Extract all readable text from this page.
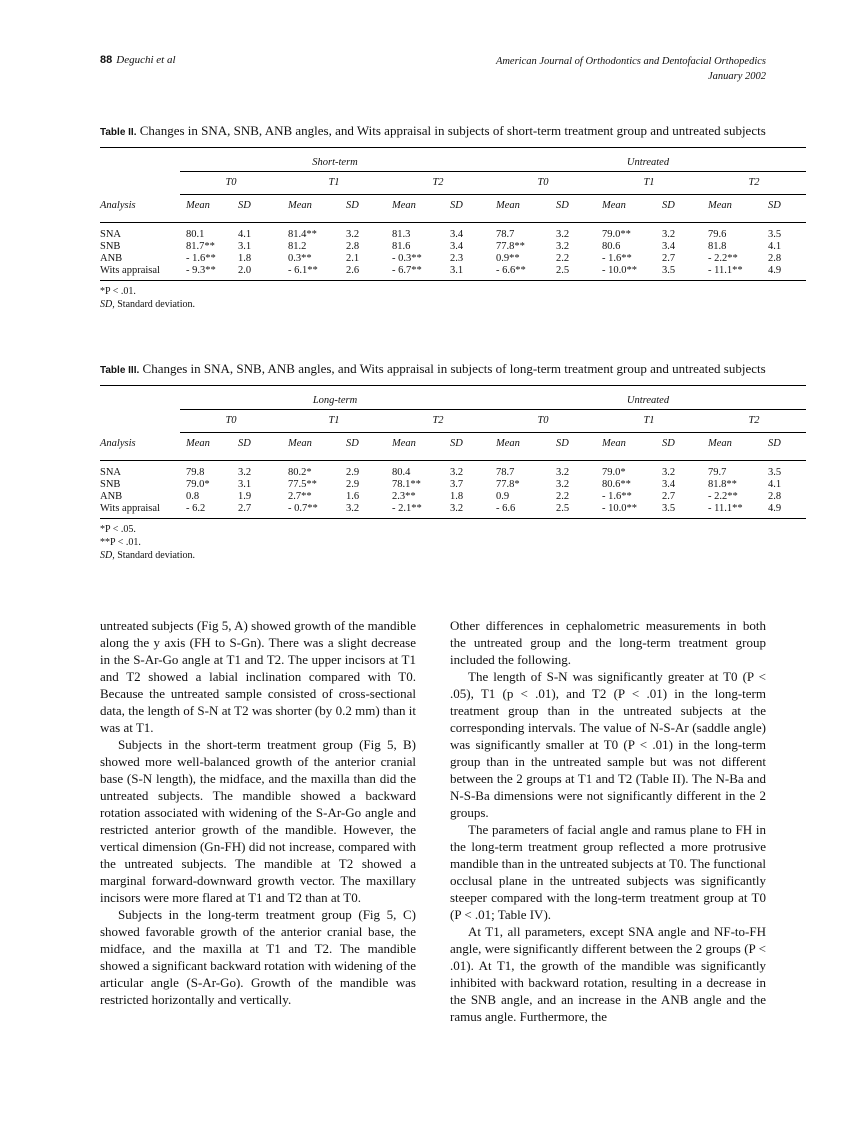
88 Deguchi et al	American Journal of Orthodontics and Dentofacial Orthopedics
January 2002
Table II. Changes in SNA, SNB, ANB angles, and Wits appraisal in subjects of short-term treatment group and untreated subjects

	Short-term						Untreated					
	T0		T1		T2		T0		T1		T2	
Analysis	Mean	SD	Mean	SD	Mean	SD	Mean	SD	Mean	SD	Mean	SD

SNA	80.1	4.1	81.4**	3.2	81.3	3.4	78.7	3.2	79.0**	3.2	79.6	3.5
SNB	81.7**	3.1	81.2	2.8	81.6	3.4	77.8**	3.2	80.6	3.4	81.8	4.1
ANB	- 1.6**	1.8	0.3**	2.1	- 0.3**	2.3	0.9**	2.2	- 1.6**	2.7	- 2.2**	2.8
Wits appraisal	- 9.3**	2.0	- 6.1**	2.6	- 6.7**	3.1	- 6.6**	2.5	- 10.0**	3.5	- 11.1**	4.9
*P < .01.
SD, Standard deviation.
Table III. Changes in SNA, SNB, ANB angles, and Wits appraisal in subjects of long-term treatment group and untreated subjects

	Long-term						Untreated					
	T0		T1		T2		T0		T1		T2	
Analysis	Mean	SD	Mean	SD	Mean	SD	Mean	SD	Mean	SD	Mean	SD

SNA	79.8	3.2	80.2*	2.9	80.4	3.2	78.7	3.2	79.0*	3.2	79.7	3.5
SNB	79.0*	3.1	77.5**	2.9	78.1**	3.7	77.8*	3.2	80.6**	3.4	81.8**	4.1
ANB	0.8	1.9	2.7**	1.6	2.3**	1.8	0.9	2.2	- 1.6**	2.7	- 2.2**	2.8
Wits appraisal	- 6.2	2.7	- 0.7**	3.2	- 2.1**	3.2	- 6.6	2.5	- 10.0**	3.5	- 11.1**	4.9
*P < .05.
**P < .01.
SD, Standard deviation.

untreated subjects (Fig 5, A) showed growth of the mandible along the y axis (FH to S-Gn). There was a slight decrease in the S-Ar-Go angle at T1 and T2. The upper incisors at T1 and T2 showed a labial inclination compared with T0. Because the untreated sample consisted of cross-sectional data, the length of S-N at T2 was shorter (by 0.2 mm) than it was at T1.

Subjects in the short-term treatment group (Fig 5, B) showed more well-balanced growth of the anterior cranial base (S-N length), the midface, and the maxilla than did the untreated subjects. The mandible showed a backward rotation associated with widening of the S-Ar-Go angle and restricted anterior growth of the mandible. However, the vertical dimension (Gn-FH) did not increase, compared with the untreated subjects. The mandible at T2 showed a marginal forward-downward growth vector. The maxillary incisors were more flared at T1 and T2 than at T0.

Subjects in the long-term treatment group (Fig 5, C) showed favorable growth of the anterior cranial base, the midface, and the maxilla at T1 and T2. The mandible showed a significant backward rotation with widening of the articular angle (S-Ar-Go). Growth of the mandible was restricted horizontally and vertically.

Other differences in cephalometric measurements in both the untreated group and the long-term treatment group included the following.

The length of S-N was significantly greater at T0 (P < .05), T1 (p < .01), and T2 (P < .01) in the long-term treatment group than in the untreated subjects at the corresponding intervals. The value of N-S-Ar (saddle angle) was significantly smaller at T0 (P < .01) in the long-term group than in the untreated sample but was not different between the 2 groups at T1 and T2 (Table II). The N-Ba and N-S-Ba dimensions were not significantly different in the 2 groups.

The parameters of facial angle and ramus plane to FH in the long-term treatment group reflected a more protrusive mandible than in the untreated subjects at T0. The functional occlusal plane in the untreated subjects was significantly steeper compared with the long-term treatment group at T0 (P < .01; Table IV).

At T1, all parameters, except SNA angle and NF-to-FH angle, were significantly different between the 2 groups (P < .01). At T1, the growth of the mandible was significantly inhibited with backward rotation, resulting in a decrease in the SNB angle, and an increase in the ANB angle and the ramus angle. Furthermore, the
